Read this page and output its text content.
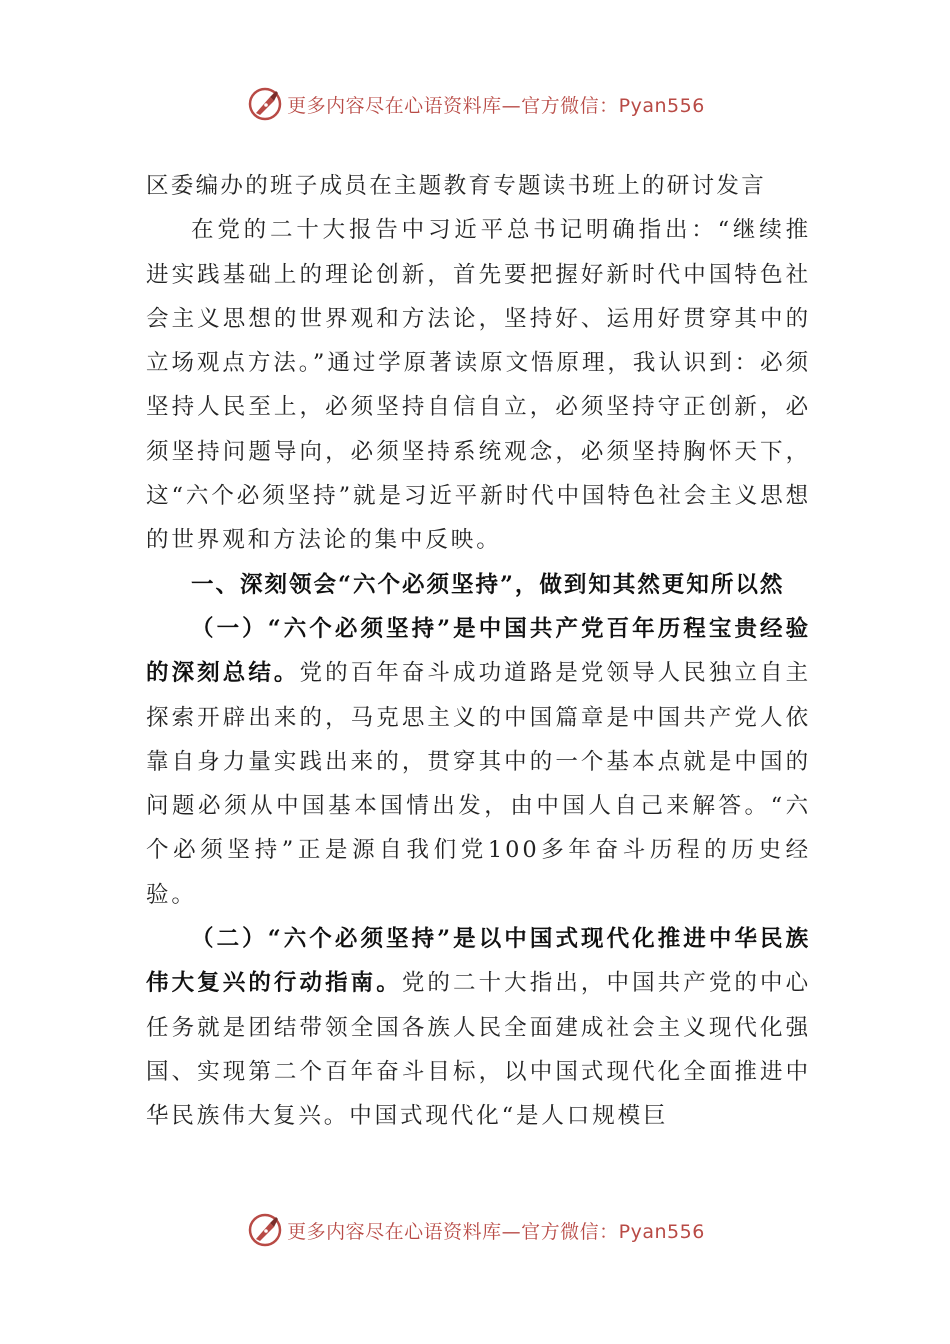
更多内容尽在心语资料库—官方微信：Pyan556

区委编办的班子成员在主题教育专题读书班上的研讨发言

在党的二十大报告中习近平总书记明确指出：“继续推进实践基础上的理论创新，首先要把握好新时代中国特色社会主义思想的世界观和方法论，坚持好、运用好贯穿其中的立场观点方法。”通过学原著读原文悟原理，我认识到：必须坚持人民至上，必须坚持自信自立，必须坚持守正创新，必须坚持问题导向，必须坚持系统观念，必须坚持胸怀天下，这“六个必须坚持”就是习近平新时代中国特色社会主义思想的世界观和方法论的集中反映。

一、深刻领会“六个必须坚持”，做到知其然更知所以然

（一）“六个必须坚持”是中国共产党百年历程宝贵经验的深刻总结。党的百年奋斗成功道路是党领导人民独立自主探索开辟出来的，马克思主义的中国篇章是中国共产党人依靠自身力量实践出来的，贯穿其中的一个基本点就是中国的问题必须从中国基本国情出发，由中国人自己来解答。“六个必须坚持”正是源自我们党100多年奋斗历程的历史经验。

（二）“六个必须坚持”是以中国式现代化推进中华民族伟大复兴的行动指南。党的二十大指出，中国共产党的中心任务就是团结带领全国各族人民全面建成社会主义现代化强国、实现第二个百年奋斗目标，以中国式现代化全面推进中华民族伟大复兴。中国式现代化“是人口规模巨

更多内容尽在心语资料库—官方微信：Pyan556
